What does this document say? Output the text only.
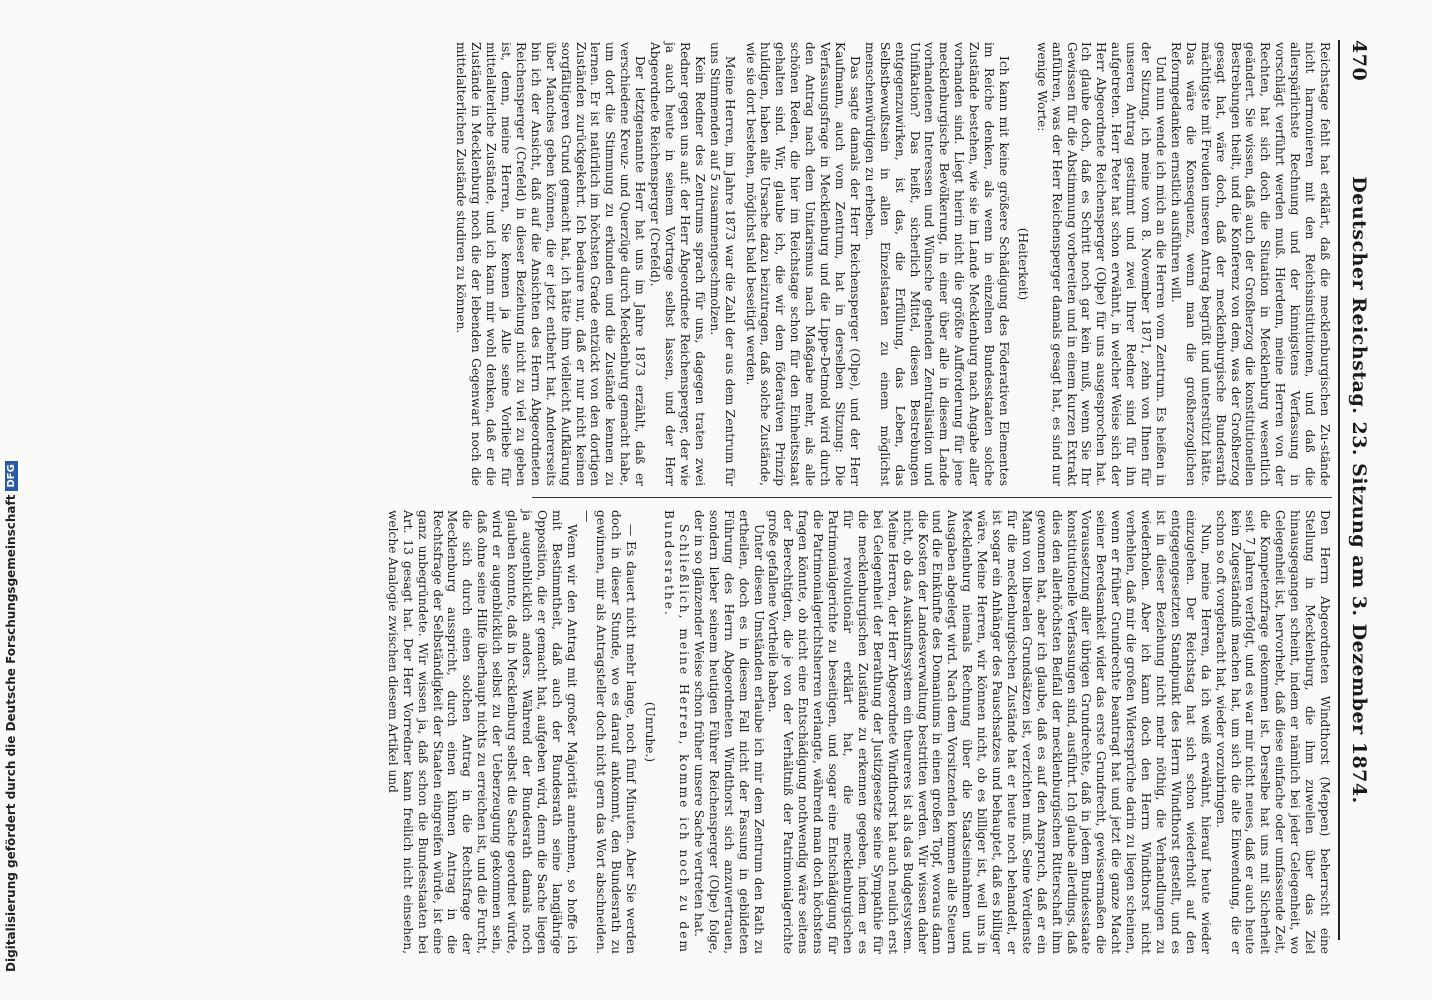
470
Deutscher Reichstag. 23. Sitzung am 3. Dezember 1874.

Reichstage fehlt hat erklärt, daß die mecklenburgischen Zu-stände nicht harmonieren mit den Reichsinstitutionen, und daß die allerspärlichste Rechnung und der kinnigstens Verfassung in vorschlägt verführt werden muß. Hierdenn, meine Herren von der Rechten, hat sich doch die Situation in Mecklenburg wesentlich geändert. Sie wissen, daß auch der Großherzog die konstitutionellen Bestrebungen theilt, und die Konferenz von dem, was der Großherzog gesagt hat, wäre doch, daß der mecklenburgische Bundesrath mächtigste mit Freuden unseren Antrag begrüßt und unterstützt hätte. Das wäre die Konsequenz, wenn man die großherzoglichen Reformgedanken ernstlich ausführen will.

Und nun wende ich mich an die Herren vom Zentrum. Es heißen in der Sitzung, ich meine vom 8. November 1871, zehn von Ihnen für unseren Antrag gestimmt und zwei Ihrer Redner sind für ihn aufgetreten. Herr Peter hat schon erwähnt, in welcher Weise sich der Herr Abgeordnete Reichensperger (Olpe) für uns ausgesprochen hat. Ich glaube doch, daß es Schritt noch gar kein muß, wenn Sie Ihr Gewissen für die Abstimmung vorbereiten und in einem kurzen Extrakt anführen, was der Herr Reichensperger damals gesagt hat, es sind nur wenige Worte:

(Heiterkeit)

Ich kann mit keine größere Schädigung des Föderativen Elementes im Reiche denken, als wenn in einzelnen Bundesstaaten solche Zustände bestehen, wie sie im Lande Mecklenburg nach Angabe aller vorhanden sind. Liegt hierin nicht die größte Aufforderung für jene mecklenburgische Bevölkerung, in einer über alle in diesem Lande vorhandenen Interessen und Wünsche gehenden Zentralisation und Unifikation? Das heißt, sicherlich Mittel, diesen Bestrebungen entgegenzuwirken, ist das, die Erfüllung, das Leben, das Selbstbewußtsein in allen Einzelstaaten zu einem möglichst menschenwürdigen zu erheben.

Das sagte damals der Herr Reichensperger (Olpe), und der Herr Kaufmann, auch vom Zentrum, hat in derselben Sitzung: Die Verfassungsfrage in Mecklenburg und die Lippe-Detmold wird durch den Antrag nach dem Unitarismus nach Maßgabe mehr, als alle schönen Reden, die hier im Reichstage schon für den Einheitsstaat gehalten sind. Wir, glaube ich, die wir dem föderativen Prinzip huldigen, haben alle Ursache dazu beizutragen, daß solche Zustände, wie sie dort bestehen, möglichst bald beseitigt werden.

Meine Herren, im Jahre 1873 war die Zahl der aus dem Zentrum für uns Stimmenden auf 5 zusammengeschmolzen.

Kein Redner des Zentrums sprach für uns, dagegen traten zwei Redner gegen uns auf: der Herr Abgeordnete Reichensperger, der wie ja auch heute in seinem Vortrage selbst lassen, und der Herr Abgeordnete Reichensperger (Crefeld).

Der letztgenannte Herr hat uns im Jahre 1873 erzählt, daß er verschiedene Kreuz- und Querzüge durch Mecklenburg gemacht habe, um dort die Stimmung zu erkunden und die Zustände kennen zu lernen. Er ist natürlich im höchsten Grade entzückt von den dortigen Zuständen zurückgekehrt. Ich bedaure nur, daß er nur nicht keinen sorgfältigeren Grund gemacht hat, ich hätte ihm vielleicht Aufklärung über Manches geben können, die er jetzt entbehrt hat. Andererseits bin ich der Ansicht, daß auf die Ansichten des Herrn Abgeordneten Reichensperger (Crefeld) in dieser Beziehung nicht zu viel zu geben ist, denn, meine Herren, Sie kennen ja Alle seine Vorliebe für mittelalterliche Zustände, und ich kann mir wohl denken, daß er die Zustände in Mecklenburg noch die der lebenden Gegenwart noch die mittelalterlichen Zustände studiren zu können.

Den Herrn Abgeordneten Windthorst (Meppen) beherrscht eine Stellung in Mecklenburg, die ihm zuweilen über das Ziel hinausgegangen scheint, indem er nämlich bei jeder Gelegenheit, wo Gelegenheit ist, hervorhebt, daß diese einfache oder umfassende Zeit, die Kompetenzfrage gekommen ist. Derselbe hat uns mit Sicherheit seit 7 Jahren verfolgt, und es war mir nicht neues, daß er auch heute kein Zugeständniß machen hat, um sich die alte Einwendung, die er schon so oft vorgebracht hat, wieder vorzubringen.

Nun, meine Herren, da ich weiß erwähnt, hierauf heute wieder einzugehen. Der Reichstag hat sich schon wiederholt auf den entgegengesetzten Standpunkt des Herrn Windthorst gestellt, und es ist in dieser Beziehung nicht mehr nöthig, die Verhandlungen zu wiederholen. Aber ich kann doch den Herrn Windthorst nicht verhehlen, daß mir die großen Widersprüche darin zu liegen scheinen, wenn er früher Grundrechte beantragt hat und jetzt die ganze Macht seiner Beredsamkeit wider das erste Grundrecht, gewissermaßen die Voraussetzung aller übrigen Grundrechte, daß in jedem Bundesstaate konstitutionelle Verfassungen sind, ausführt. Ich glaube allerdings, daß dies den allerhöchsten Beifall der mecklenburgischen Ritterschaft ihm gewonnen hat, aber ich glaube, daß es auf den Anspruch, daß er ein Mann von liberalen Grundsätzen ist, verzichten muß. Seine Verdienste für die mecklenburgischen Zustände hat er heute noch behandelt, er ist sogar ein Anhänger des Pauschsatzes und behauptet, daß es billiger wäre. Meine Herren, wir können nicht, ob es billiger ist, weil uns in Mecklenburg niemals Rechnung über die Staatseinnahmen und Ausgaben abgelegt wird. Nach dem Vorsitzenden kommen alle Steuern und die Einkünfte des Domaniums in einen großen Topf, woraus dann die Kosten der Landesverwaltung bestritten werden. Wir wissen daher nicht, ob das Auskunftssystem ein theureres ist als das Budgetsystem. Meine Herren, der Herr Abgeordnete Windthorst hat auch neulich erst bei Gelegenheit der Berathung der Justizgesetze seine Sympathie für die mecklenburgischen Zustände zu erkennen gegeben, indem er es für revolutionär erklärt hat, die mecklenburgischen Patrimonialgerichte zu beseitigen, und sogar eine Entschädigung für die Patrimonialgerichtsherren verlangte, während man doch höchstens fragen könnte, ob nicht eine Entschädigung nothwendig wäre seitens der Berechtigten, die je von der Verhältniß der Patrimonialgerichte große gefallene Vortheile haben.

Unter diesen Umständen erlaube ich mir dem Zentrum den Rath zu ertheilen, doch es in diesem Fall nicht der Fassung in gebildeten Führung des Herrn Abgeordneten Windthorst sich anzuvertrauen, sondern lieber seinem heutigen Führer Reichensperger (Olpe) folge, der in so glänzender Weise schon früher unsere Sache vertreten hat.

Schließlich, meine Herren, komme ich noch zu dem Bundesrathe.

(Unruhe.)

— Es dauert nicht mehr lange, noch fünf Minuten. Aber Sie werden doch in dieser Stunde, wo es darauf ankommt, den Bundesrath zu gewinnen, mir als Antragsteller doch nicht gern das Wort abschneiden. —

Wenn wir den Antrag mit großer Majorität annehmen, so hoffe ich mit Bestimmtheit, daß auch der Bundesrath seine langjährige Opposition, die er gemacht hat, aufgeben wird, denn die Sache liegen ja augenblicklich anders. Während der Bundesrath damals noch glauben konnte, daß in Mecklenburg selbst die Sache geordnet würde, wird er augenblicklich selbst zu der Ueberzeugung gekommen sein, daß ohne seine Hilfe überhaupt nichts zu erreichen ist, und die Furcht, die sich durch einen solchen Antrag in die Rechtsfrage der Mecklenburg ausspricht, durch einen kühnen Antrag in die Rechtsfrage der Selbständigkeit der Staaten eingreifen würde, ist eine ganz unbegründete. Wir wissen ja, daß schon die Bundesstaaten bei Art. 13 gesagt hat. Der Herr Vorredner kann freilich nicht einsehen, welche Analogie zwischen diesem Artikel und

Digitalisierung gefördert durch die Deutsche ForschungsgemeinschaftDFG
